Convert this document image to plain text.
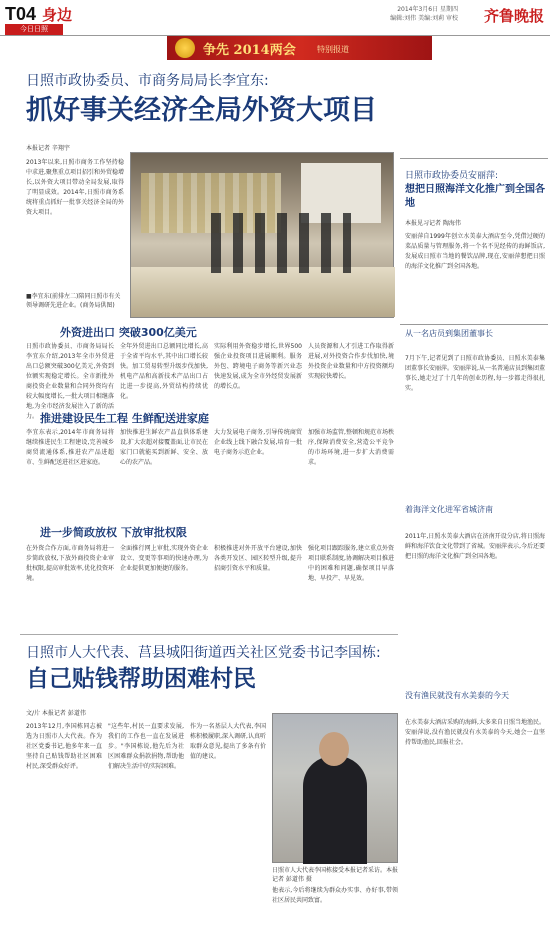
T04 身边
今日日照
2014年3月6日 星期四
编辑:刘伟 美编:刘莉 审校 齐鲁晚报
争先 2014两会	特别报道
日照市政协委员、市商务局局长李宜东:
抓好事关经济全局外资大项目
本报记者 辛翔宇
2013年以来,日照市商务工作坚持稳中求进,聚焦重点项目招引和外贸稳增长,以外资大项目带动全局发展,取得了明显成效。2014年,日照市商务系统将重点抓好一批事关经济全局的外资大项目。
■李宜东(前排左二)陪同日照市有关领导调研先进企业。(商务局供图)
外资进出口 突破300亿美元
日照市政协委员、市商务局局长李宜东介绍,2013年全市外贸进出口总额突破300亿美元,外资到位额实现稳定增长。全市新批外商投资企业数量和合同外资均有较大幅度增长,一批大项目相继落地,为全市经济发展注入了新的活力。
全年外贸进出口总额同比增长,高于全省平均水平,其中出口增长较快。加工贸易转型升级步伐加快,机电产品和高新技术产品出口占比进一步提高,外贸结构持续优化。
实际利用外资稳步增长,世界500强企业投资项目进展顺利。服务外包、跨境电子商务等新兴业态快速发展,成为全市外经贸发展新的增长点。
人员资源和人才引进工作取得新进展,对外投资合作步伐加快,境外投资企业数量和中方投资额均实现较快增长。
推进建设民生工程 生鲜配送进家庭
李宜东表示,2014年市商务局将继续推进民生工程建设,完善城乡商贸流通体系,推进农产品进超市、生鲜配送进社区进家庭。
加快推进生鲜农产品直供体系建设,扩大农超对接覆盖面,让市民在家门口就能买到新鲜、安全、放心的农产品。
大力发展电子商务,引导传统商贸企业线上线下融合发展,培育一批电子商务示范企业。
加强市场监管,整顿和规范市场秩序,保障消费安全,营造公平竞争的市场环境,进一步扩大消费需求。
进一步简政放权 下放审批权限
在外资合作方面,市商务局将进一步简政放权,下放外商投资企业审批权限,提高审批效率,优化投资环境。
全面推行网上审批,实现外资企业设立、变更等事项的快速办理,为企业提供更加便捷的服务。
积极推进对外开放平台建设,加快各类开发区、园区转型升级,提升招商引资水平和质量。
强化项目跟踪服务,建立重点外资项目联系制度,协调解决项目推进中的困难和问题,确保项目早落地、早投产、早见效。
日照市政协委员安丽萍:
想把日照海洋文化推广到全国各地
本报见习记者 陶海伟
安丽萍自1999年创立水美泰大酒店至今,凭借过硬的菜品质量与管理服务,将一个名不见经传的海鲜饭店,发展成日照市当地的餐饮品牌,现在,安丽萍想把日照的海洋文化推广到全国各地。
从一名店员到集团董事长
7月下午,记者见到了日照市政协委员、日照水美泰集团董事长安丽萍。安丽萍说,从一名普通店员到集团董事长,她走过了十几年的创业历程,每一步都走得很扎实。
着海洋文化进军省城济南
2011年,日照水美泰大酒店在济南开设分店,将日照海鲜和海洋饮食文化带到了省城。安丽萍表示,今后还要把日照的海洋文化推广到全国各地。
没有渔民就没有水美泰的今天
在水美泰大酒店采购的海鲜,大多来自日照当地渔民。安丽萍说,没有渔民就没有水美泰的今天,她会一直坚持帮助渔民,回报社会。
日照市人大代表、莒县城阳街道西关社区党委书记李国栋:
自己贴钱帮助困难村民
文/片 本报记者 彭道伟
2013年12月,李国栋同志被选为日照市人大代表。作为社区党委书记,他多年来一直坚持自己贴钱帮助社区困难村民,深受群众好评。
"这些年,村民一直要求发展,我们的工作也一直在发展进步。"李国栋说,他先后为社区困难群众捐款捐物,帮助他们解决生活中的实际困难。
作为一名基层人大代表,李国栋积极履职,深入调研,认真听取群众意见,提出了多条有价值的建议。
日照市人大代表李国栋接受本报记者采访。本报记者 彭道伟 摄
他表示,今后将继续为群众办实事、办好事,带领社区居民共同致富。
